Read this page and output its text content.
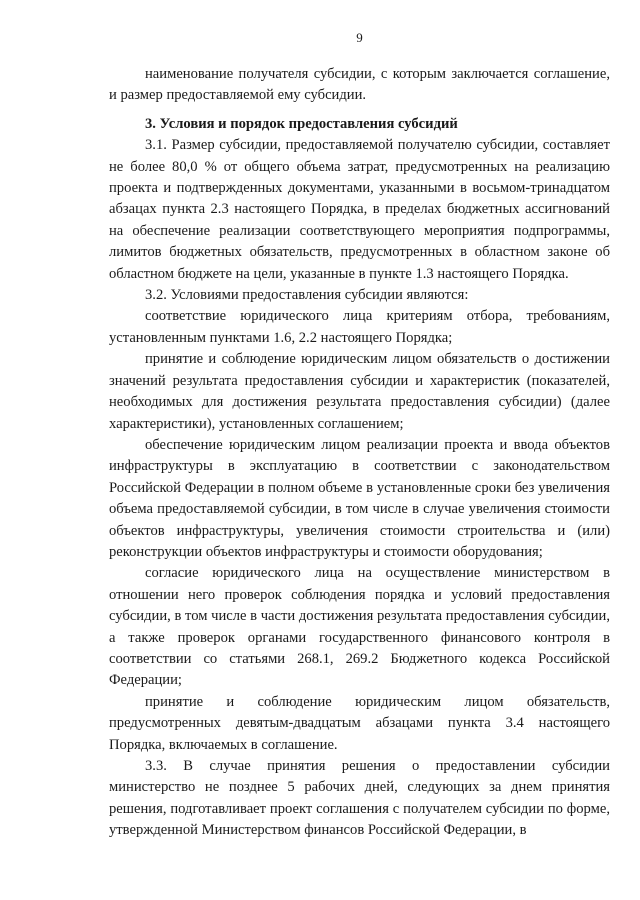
9

наименование получателя субсидии, с которым заключается соглашение, и размер предоставляемой ему субсидии.

3. Условия и порядок предоставления субсидий

3.1. Размер субсидии, предоставляемой получателю субсидии, составляет не более 80,0 % от общего объема затрат, предусмотренных на реализацию проекта и подтвержденных документами, указанными в восьмом-тринадцатом абзацах пункта 2.3 настоящего Порядка, в пределах бюджетных ассигнований на обеспечение реализации соответствующего мероприятия подпрограммы, лимитов бюджетных обязательств, предусмотренных в областном законе об областном бюджете на цели, указанные в пункте 1.3 настоящего Порядка.

3.2. Условиями предоставления субсидии являются:

соответствие юридического лица критериям отбора, требованиям, установленным пунктами 1.6, 2.2 настоящего Порядка;

принятие и соблюдение юридическим лицом обязательств о достижении значений результата предоставления субсидии и характеристик (показателей, необходимых для достижения результата предоставления субсидии) (далее характеристики), установленных соглашением;

обеспечение юридическим лицом реализации проекта и ввода объектов инфраструктуры в эксплуатацию в соответствии с законодательством Российской Федерации в полном объеме в установленные сроки без увеличения объема предоставляемой субсидии, в том числе в случае увеличения стоимости объектов инфраструктуры, увеличения стоимости строительства и (или) реконструкции объектов инфраструктуры и стоимости оборудования;

согласие юридического лица на осуществление министерством в отношении него проверок соблюдения порядка и условий предоставления субсидии, в том числе в части достижения результата предоставления субсидии, а также проверок органами государственного финансового контроля в соответствии со статьями 268.1, 269.2 Бюджетного кодекса Российской Федерации;

принятие и соблюдение юридическим лицом обязательств, предусмотренных девятым-двадцатым абзацами пункта 3.4 настоящего Порядка, включаемых в соглашение.

3.3. В случае принятия решения о предоставлении субсидии министерство не позднее 5 рабочих дней, следующих за днем принятия решения, подготавливает проект соглашения с получателем субсидии по форме, утвержденной Министерством финансов Российской Федерации, в
